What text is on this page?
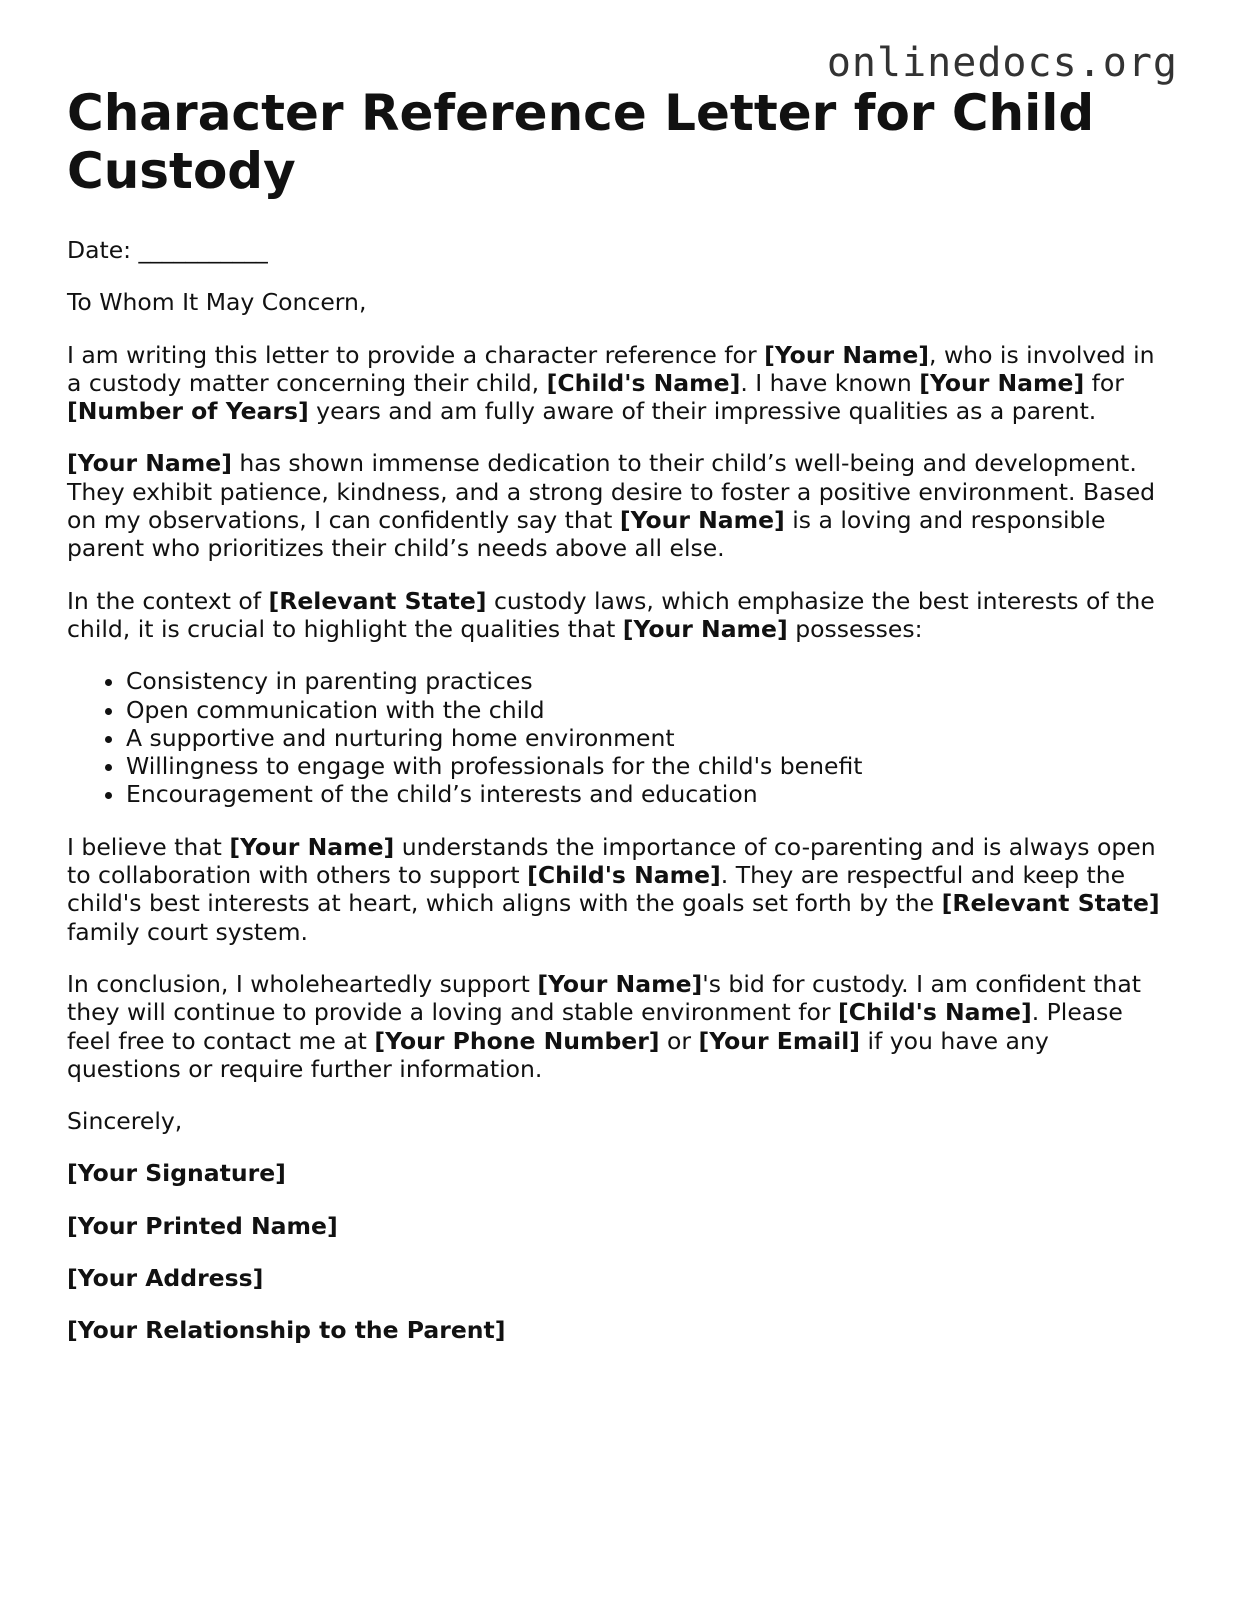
onlinedocs.org
Character Reference Letter for Child Custody

Date: ___________

To Whom It May Concern,

I am writing this letter to provide a character reference for [Your Name], who is involved in a custody matter concerning their child, [Child's Name]. I have known [Your Name] for [Number of Years] years and am fully aware of their impressive qualities as a parent.

[Your Name] has shown immense dedication to their child’s well-being and development. They exhibit patience, kindness, and a strong desire to foster a positive environment. Based on my observations, I can confidently say that [Your Name] is a loving and responsible parent who prioritizes their child’s needs above all else.

In the context of [Relevant State] custody laws, which emphasize the best interests of the child, it is crucial to highlight the qualities that [Your Name] possesses:

• Consistency in parenting practices
• Open communication with the child
• A supportive and nurturing home environment
• Willingness to engage with professionals for the child's benefit
• Encouragement of the child’s interests and education

I believe that [Your Name] understands the importance of co-parenting and is always open to collaboration with others to support [Child's Name]. They are respectful and keep the child's best interests at heart, which aligns with the goals set forth by the [Relevant State] family court system.

In conclusion, I wholeheartedly support [Your Name]'s bid for custody. I am confident that they will continue to provide a loving and stable environment for [Child's Name]. Please feel free to contact me at [Your Phone Number] or [Your Email] if you have any questions or require further information.

Sincerely,

[Your Signature]

[Your Printed Name]

[Your Address]

[Your Relationship to the Parent]
